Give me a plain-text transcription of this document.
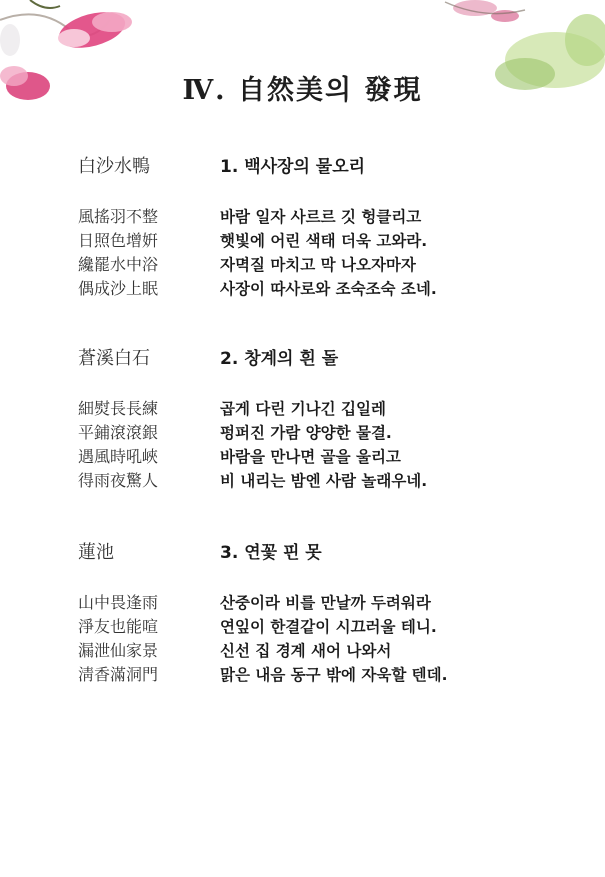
Ⅳ. 自然美의 發現
白沙水鴨	1. 백사장의 물오리
風搖羽不整	바람 일자 사르르 깃 헝클리고
日照色增姸	햇빛에 어린 색태 더욱 고와라.
纔罷水中浴	자멱질 마치고 막 나오자마자
偶成沙上眠	사장이 따사로와 조숙조숙 조네.
蒼溪白石	2. 창계의 흰 돌
細熨長長練	곱게 다린 기나긴 깁일레
平鋪滾滾銀	펑퍼진 가람 양양한 물결.
遇風時吼峽	바람을 만나면 골을 울리고
得雨夜驚人	비 내리는 밤엔 사람 놀래우네.
蓮池	3. 연꽃 핀 못
山中畏逢雨	산중이라 비를 만날까 두려워라
淨友也能喧	연잎이 한결같이 시끄러울 테니.
漏泄仙家景	신선 집 경계 새어 나와서
淸香滿洞門	맑은 내음 동구 밖에 자욱할 텐데.
